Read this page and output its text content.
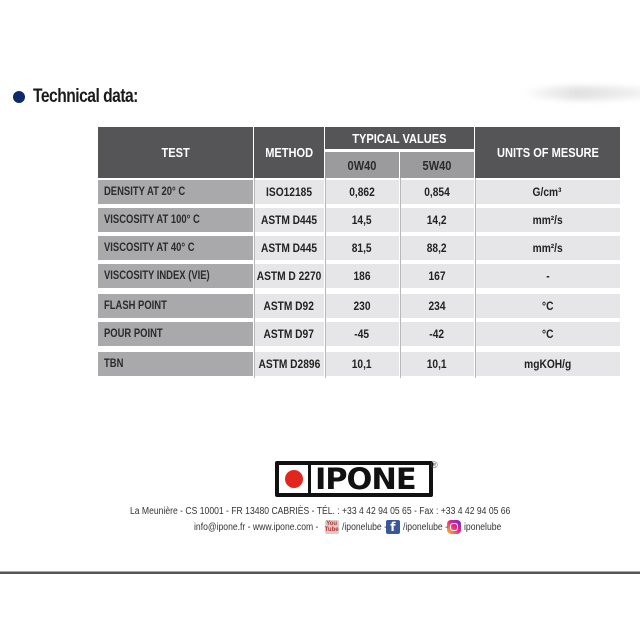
Technical data:
TEST	METHOD
TYPICAL VALUES
0W40	5W40
UNITS OF MESURE
DENSITY AT 20° C	ISO12185	0,862	0,854	G/cm³
VISCOSITY AT 100° C	ASTM D445	14,5	14,2	mm²/s
VISCOSITY AT 40° C	ASTM D445	81,5	88,2	mm²/s
VISCOSITY INDEX (VIE)	ASTM D 2270	186	167	-
FLASH POINT	ASTM D92	230	234	°C
POUR POINT	ASTM D97	-45	-42	°C
TBN	ASTM D2896	10,1	10,1	mgKOH/g
IPONE ®
La Meunière - CS 10001 - FR 13480 CABRIÈS - TÉL. : +33 4 42 94 05 65 - Fax : +33 4 42 94 05 66
info@ipone.fr - www.ipone.com - You
Tube /iponelube - f /iponelube - iponelube
